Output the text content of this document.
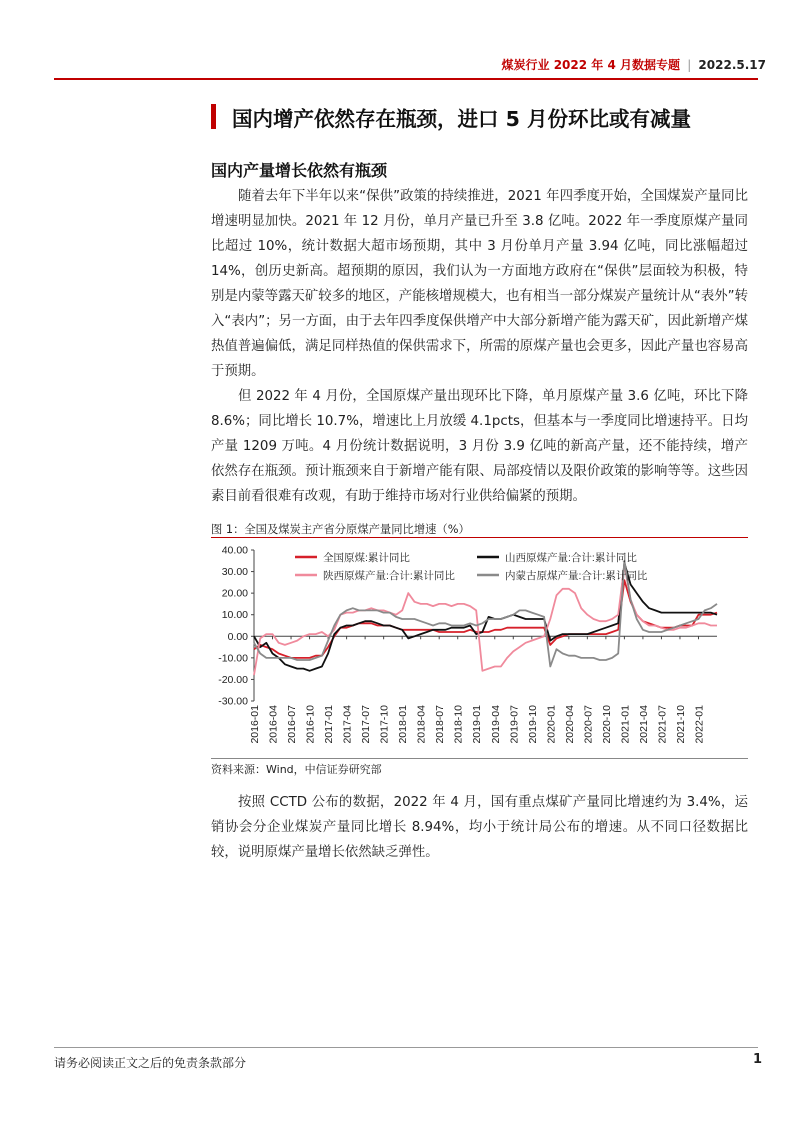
煤炭行业 2022 年 4 月数据专题 | 2022.5.17
国内增产依然存在瓶颈，进口 5 月份环比或有减量
国内产量增长依然有瓶颈

随着去年下半年以来“保供”政策的持续推进，2021 年四季度开始，全国煤炭产量同比增速明显加快。2021 年 12 月份，单月产量已升至 3.8 亿吨。2022 年一季度原煤产量同比超过 10%，统计数据大超市场预期，其中 3 月份单月产量 3.94 亿吨，同比涨幅超过 14%，创历史新高。超预期的原因，我们认为一方面地方政府在“保供”层面较为积极，特别是内蒙等露天矿较多的地区，产能核增规模大，也有相当一部分煤炭产量统计从“表外”转入“表内”；另一方面，由于去年四季度保供增产中大部分新增产能为露天矿，因此新增产煤热值普遍偏低，满足同样热值的保供需求下，所需的原煤产量也会更多，因此产量也容易高于预期。

但 2022 年 4 月份，全国原煤产量出现环比下降，单月原煤产量 3.6 亿吨，环比下降 8.6%；同比增长 10.7%，增速比上月放缓 4.1pcts，但基本与一季度同比增速持平。日均产量 1209 万吨。4 月份统计数据说明，3 月份 3.9 亿吨的新高产量，还不能持续，增产依然存在瓶颈。预计瓶颈来自于新增产能有限、局部疫情以及限价政策的影响等等。这些因素目前看很难有改观，有助于维持市场对行业供给偏紧的预期。

图 1：全国及煤炭主产省分原煤产量同比增速（%）
40.00
30.00
20.00
10.00
0.00
-10.00
-20.00
-30.00
2016-01 2016-04 2016-07 2016-10 2017-01 2017-04 2017-07 2017-10 2018-01 2018-04 2018-07 2018-10 2019-01 2019-04 2019-07 2019-10 2020-01 2020-04 2020-07 2020-10 2021-01 2021-04 2021-07 2021-10 2022-01
全国原煤:累计同比	山西原煤产量:合计:累计同比
陕西原煤产量:合计:累计同比	内蒙古原煤产量:合计:累计同比
资料来源：Wind，中信证券研究部

按照 CCTD 公布的数据，2022 年 4 月，国有重点煤矿产量同比增速约为 3.4%，运销协会分企业煤炭产量同比增长 8.94%，均小于统计局公布的增速。从不同口径数据比较，说明原煤产量增长依然缺乏弹性。

请务必阅读正文之后的免责条款部分	1
